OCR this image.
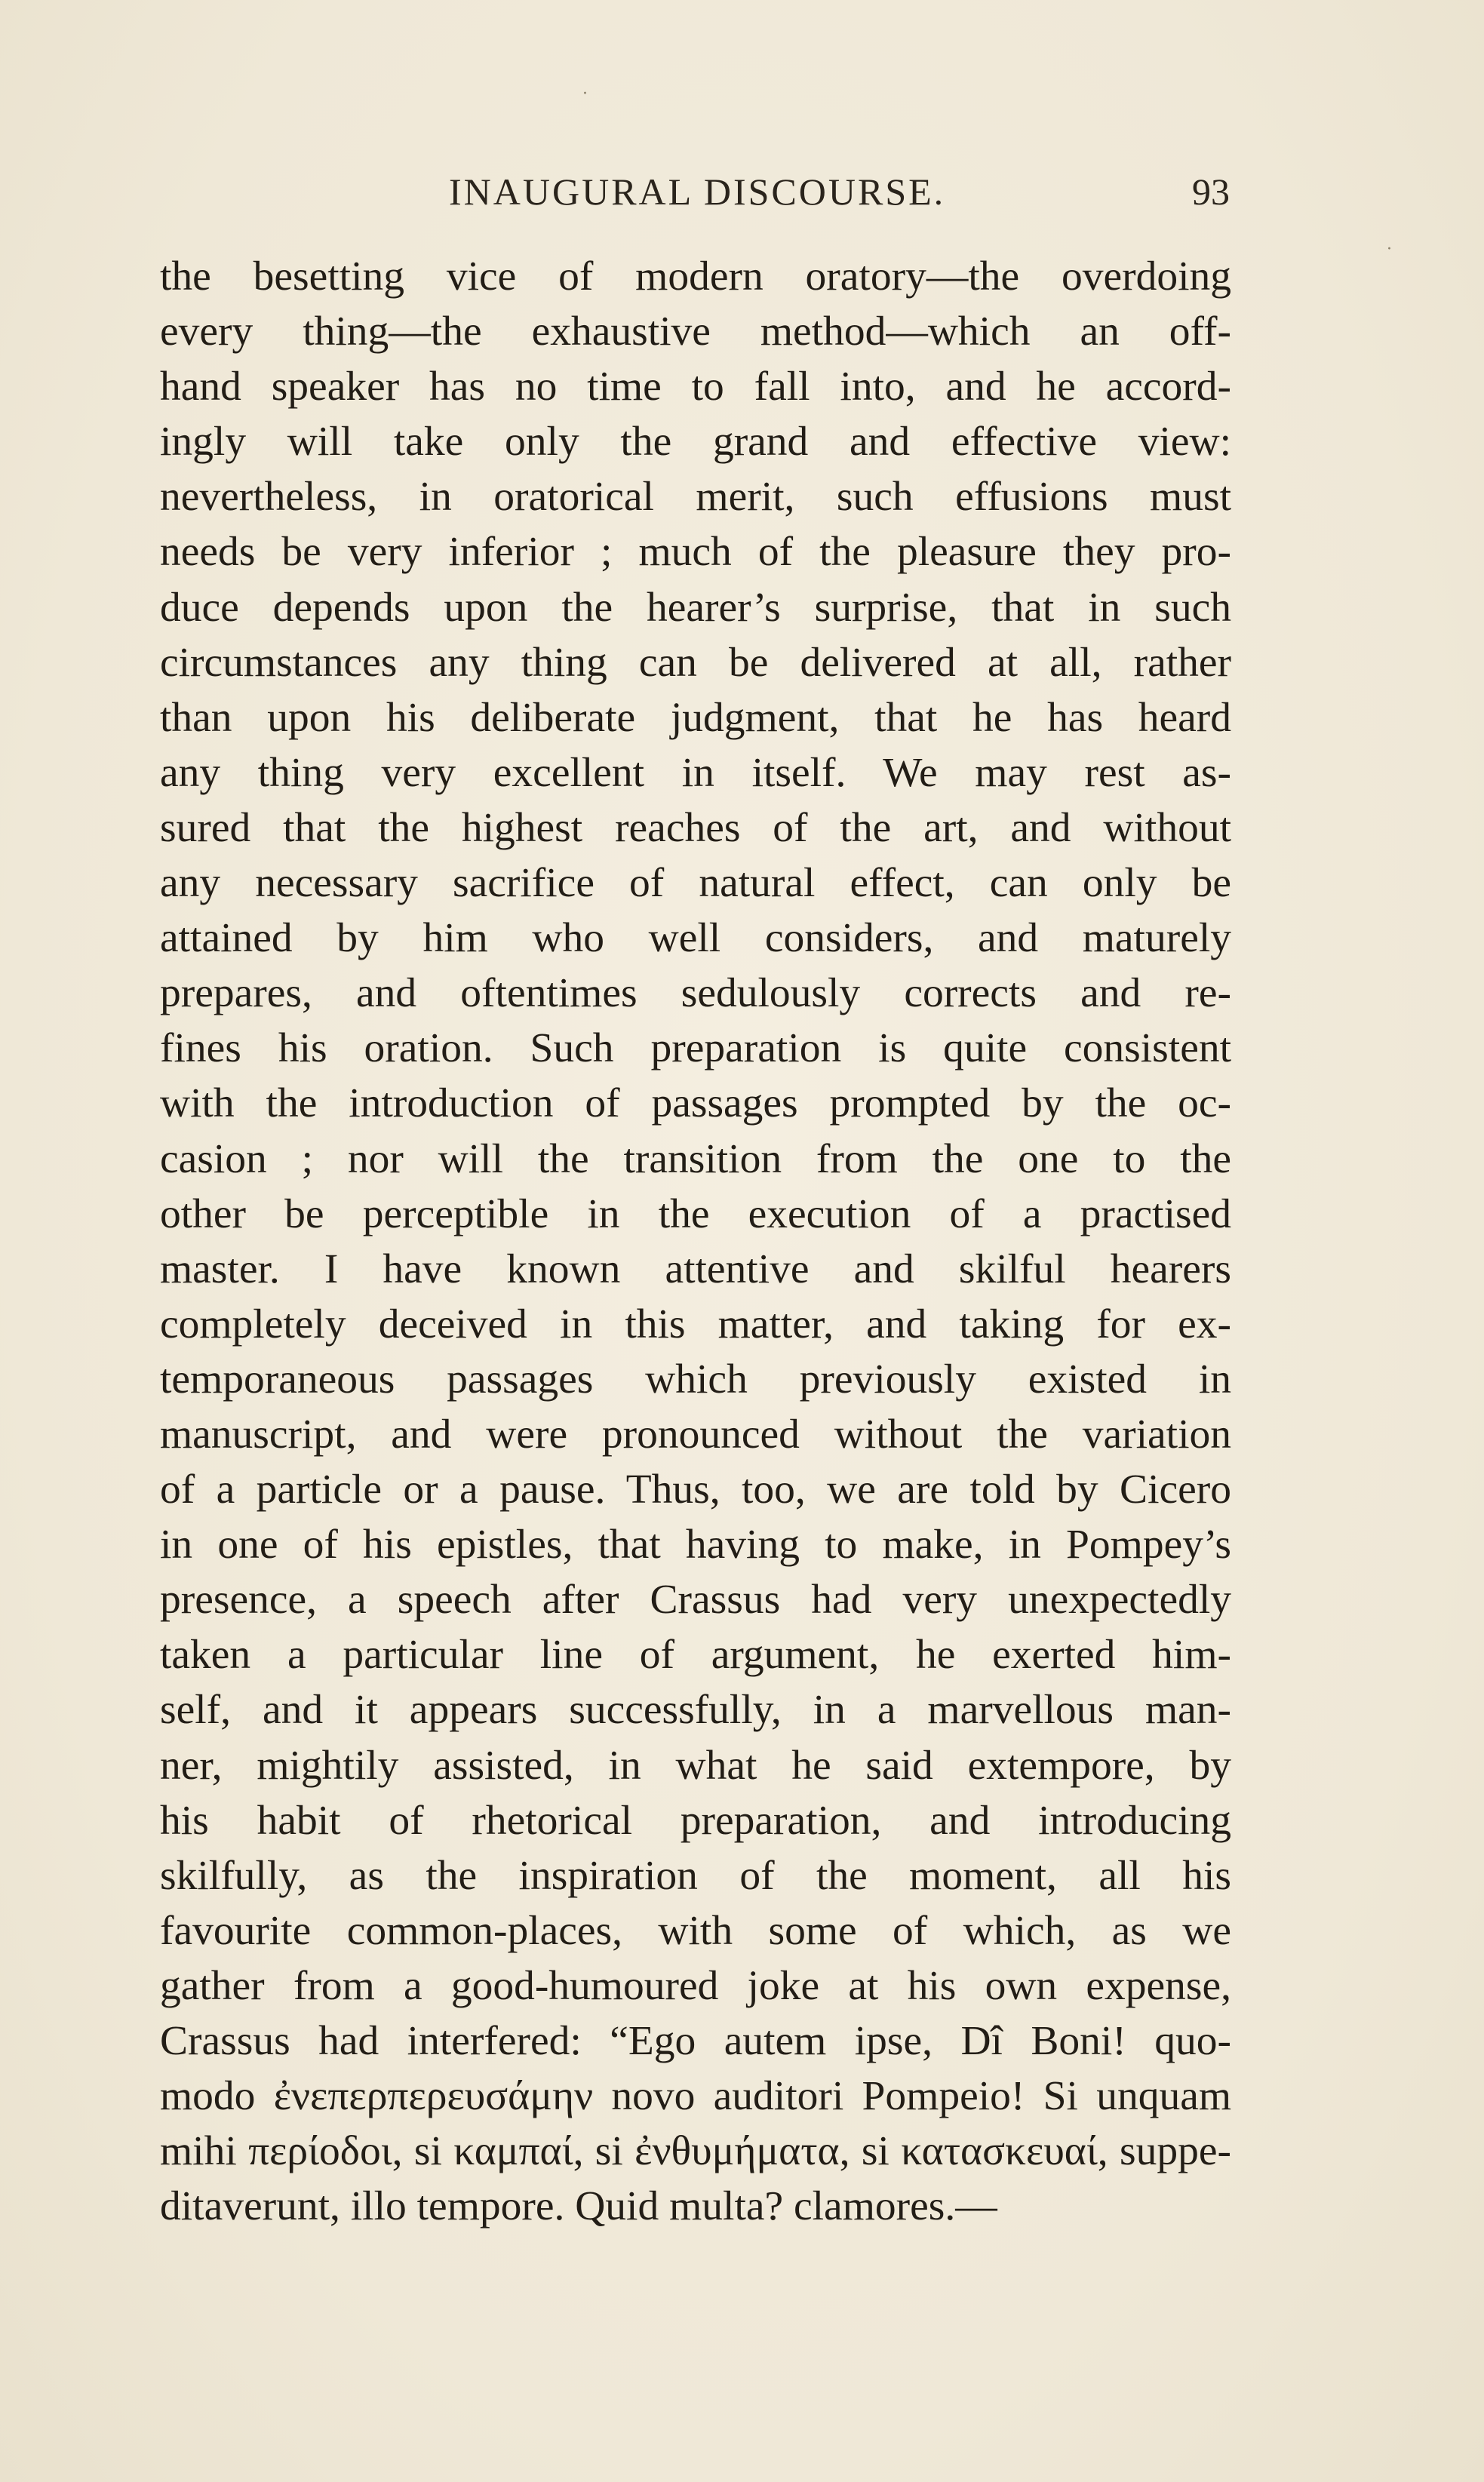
·
·
INAUGURAL DISCOURSE.	93
the besetting vice of modern oratory—the overdoing
every thing—the exhaustive method—which an off-
hand speaker has no time to fall into, and he accord-
ingly will take only the grand and effective view:
nevertheless, in oratorical merit, such effusions must
needs be very inferior ; much of the pleasure they pro-
duce depends upon the hearer’s surprise, that in such
circumstances any thing can be delivered at all, rather
than upon his deliberate judgment, that he has heard
any thing very excellent in itself. We may rest as-
sured that the highest reaches of the art, and without
any necessary sacrifice of natural effect, can only be
attained by him who well considers, and maturely
prepares, and oftentimes sedulously corrects and re-
fines his oration. Such preparation is quite consistent
with the introduction of passages prompted by the oc-
casion ; nor will the transition from the one to the
other be perceptible in the execution of a practised
master. I have known attentive and skilful hearers
completely deceived in this matter, and taking for ex-
temporaneous passages which previously existed in
manuscript, and were pronounced without the variation
of a particle or a pause. Thus, too, we are told by Cicero
in one of his epistles, that having to make, in Pompey’s
presence, a speech after Crassus had very unexpectedly
taken a particular line of argument, he exerted him-
self, and it appears successfully, in a marvellous man-
ner, mightily assisted, in what he said extempore, by
his habit of rhetorical preparation, and introducing
skilfully, as the inspiration of the moment, all his
favourite common-places, with some of which, as we
gather from a good-humoured joke at his own expense,
Crassus had interfered: “Ego autem ipse, Dî Boni! quo-
modo ἐνεπερπερευσάμην novo auditori Pompeio! Si unquam
mihi περίοδοι, si καμπαί, si ἐνθυμήματα, si κατασκευαί, suppe-
ditaverunt, illo tempore. Quid multa? clamores.—
